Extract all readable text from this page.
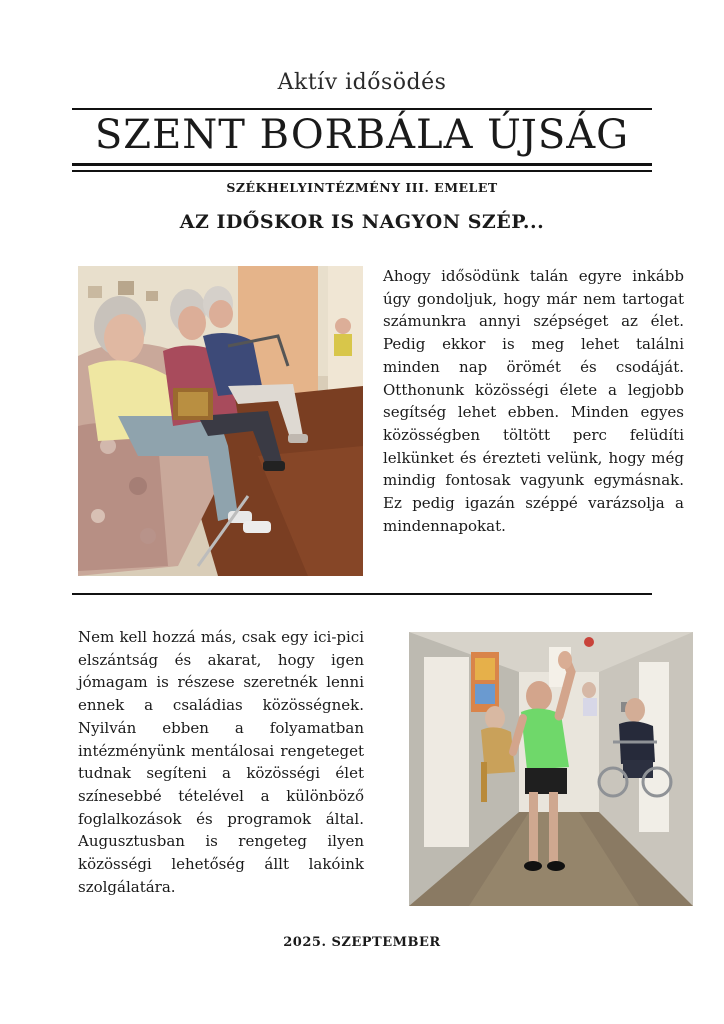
Aktív idősödés
SZENT BORBÁLA ÚJSÁG
SZÉKHELYINTÉZMÉNY III. EMELET
AZ IDŐSKOR IS NAGYON SZÉP...

Ahogy idősödünk talán egyre inkább úgy gondoljuk, hogy már nem tartogat számunkra annyi szépséget az élet. Pedig ekkor is meg lehet találni minden nap örömét és csodáját. Otthonunk közösségi élete a legjobb segítség lehet ebben. Minden egyes közösségben töltött perc felüdíti lelkünket és érezteti velünk, hogy még mindig fontosak vagyunk egymásnak. Ez pedig igazán széppé varázsolja a mindennapokat.

Nem kell hozzá más, csak egy ici-pici elszántság és akarat, hogy igen jómagam is részese szeretnék lenni ennek a családias közösségnek. Nyilván ebben a folyamatban intézményünk mentálosai rengeteget tudnak segíteni a közösségi élet színesebbé tételével a különböző foglalkozások és programok által. Augusztusban is rengeteg ilyen közösségi lehetőség állt lakóink szolgálatára.

2025. SZEPTEMBER
